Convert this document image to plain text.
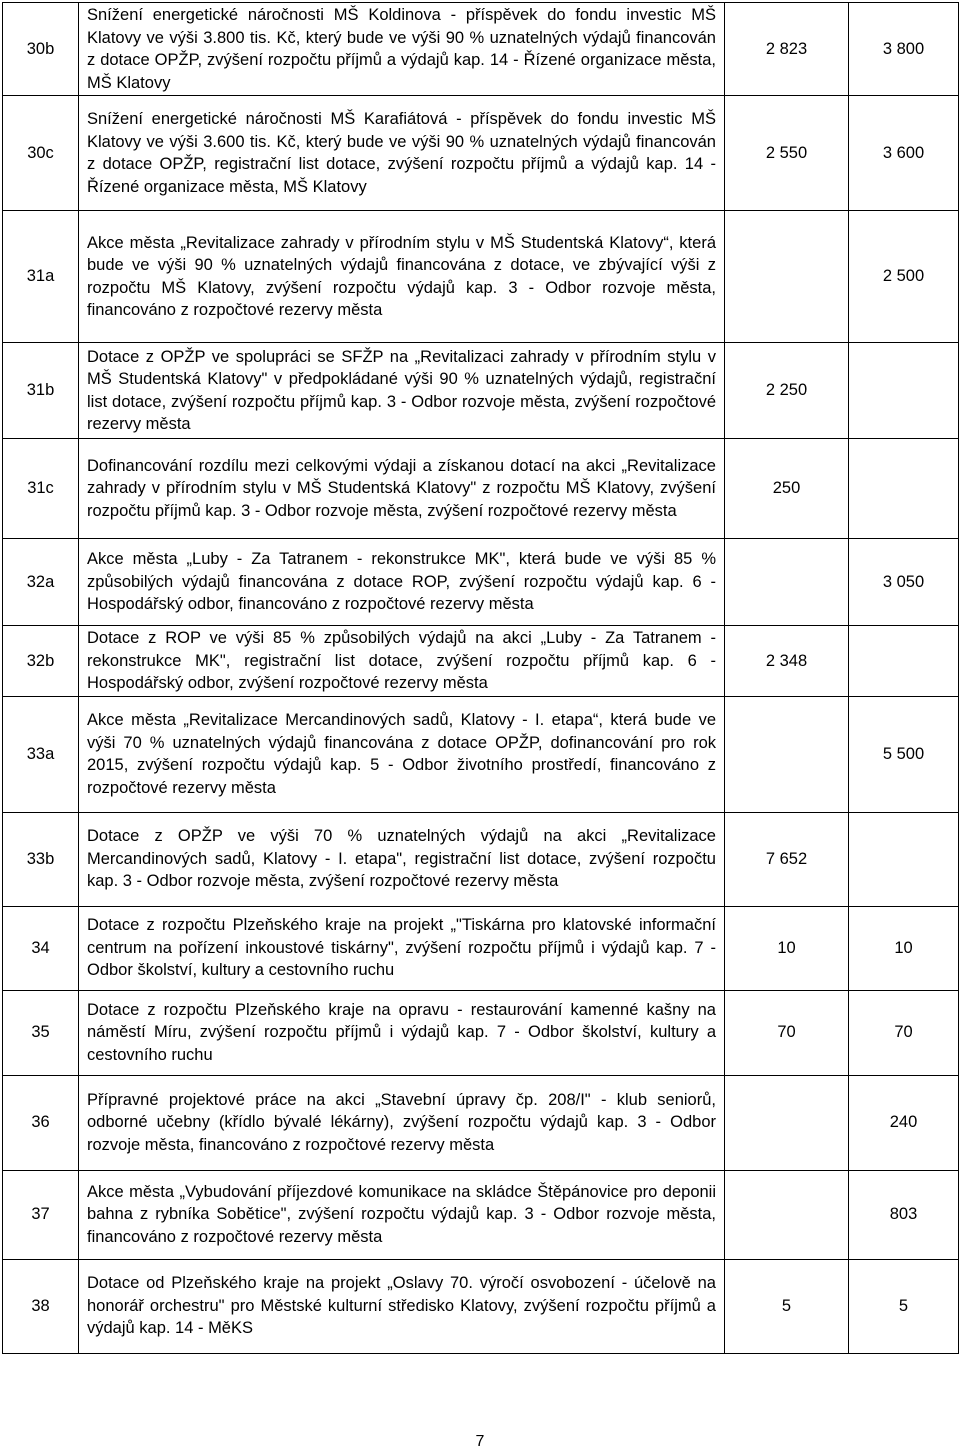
30b	Snížení energetické náročnosti MŠ Koldinova - příspěvek do fondu investic MŠ Klatovy ve výši 3.800 tis. Kč, který bude ve výši 90 % uznatelných výdajů financován z dotace OPŽP, zvýšení rozpočtu příjmů a výdajů kap. 14 - Řízené organizace města, MŠ Klatovy	2 823	3 800
30c	Snížení energetické náročnosti MŠ Karafiátová - příspěvek do fondu investic MŠ Klatovy ve výši 3.600 tis. Kč, který bude ve výši 90 % uznatelných výdajů financován z dotace OPŽP, registrační list dotace, zvýšení rozpočtu příjmů a výdajů kap. 14 - Řízené organizace města, MŠ Klatovy	2 550	3 600
31a	Akce města „Revitalizace zahrady v přírodním stylu v MŠ Studentská Klatovy“, která bude ve výši 90 % uznatelných výdajů financována z dotace, ve zbývající výši z rozpočtu MŠ Klatovy, zvýšení rozpočtu výdajů kap. 3 - Odbor rozvoje města, financováno z rozpočtové rezervy města		2 500
31b	Dotace z OPŽP ve spolupráci se SFŽP na „Revitalizaci zahrady v přírodním stylu v MŠ Studentská Klatovy" v předpokládané výši 90 % uznatelných výdajů, registrační list dotace, zvýšení rozpočtu příjmů kap. 3 - Odbor rozvoje města, zvýšení rozpočtové rezervy města	2 250	
31c	Dofinancování rozdílu mezi celkovými výdaji a získanou dotací na akci „Revitalizace zahrady v přírodním stylu v MŠ Studentská Klatovy" z rozpočtu MŠ Klatovy, zvýšení rozpočtu příjmů kap. 3 - Odbor rozvoje města, zvýšení rozpočtové rezervy města	250	
32a	Akce města „Luby - Za Tatranem - rekonstrukce MK", která bude ve výši 85 % způsobilých výdajů financována z dotace ROP, zvýšení rozpočtu výdajů kap. 6 - Hospodářský odbor, financováno z rozpočtové rezervy města		3 050
32b	Dotace z ROP ve výši 85 % způsobilých výdajů na akci „Luby - Za Tatranem - rekonstrukce MK", registrační list dotace, zvýšení rozpočtu příjmů kap. 6 - Hospodářský odbor, zvýšení rozpočtové rezervy města	2 348	
33a	Akce města „Revitalizace Mercandinových sadů, Klatovy - I. etapa“, která bude ve výši 70 % uznatelných výdajů financována z dotace OPŽP, dofinancování pro rok 2015, zvýšení rozpočtu výdajů kap. 5 - Odbor životního prostředí, financováno z rozpočtové rezervy města		5 500
33b	Dotace z OPŽP ve výši 70 % uznatelných výdajů na akci „Revitalizace Mercandinových sadů, Klatovy - I. etapa", registrační list dotace, zvýšení rozpočtu kap. 3 - Odbor rozvoje města, zvýšení rozpočtové rezervy města	7 652	
34	Dotace z rozpočtu Plzeňského kraje na projekt „"Tiskárna pro klatovské informační centrum na pořízení inkoustové tiskárny", zvýšení rozpočtu příjmů i výdajů kap. 7 - Odbor školství, kultury a cestovního ruchu	10	10
35	Dotace z rozpočtu Plzeňského kraje na opravu - restaurování kamenné kašny na náměstí Míru, zvýšení rozpočtu příjmů i výdajů kap. 7 - Odbor školství, kultury a cestovního ruchu	70	70
36	Přípravné projektové práce na akci „Stavební úpravy čp. 208/I" - klub seniorů, odborné učebny (křídlo bývalé lékárny), zvýšení rozpočtu výdajů kap. 3 - Odbor rozvoje města, financováno z rozpočtové rezervy města		240
37	Akce města „Vybudování příjezdové komunikace na skládce Štěpánovice pro deponii bahna z rybníka Sobětice", zvýšení rozpočtu výdajů kap. 3 - Odbor rozvoje města, financováno z rozpočtové rezervy města		803
38	Dotace od Plzeňského kraje na projekt „Oslavy 70. výročí osvobození - účelově na honorář orchestru" pro Městské kulturní středisko Klatovy, zvýšení rozpočtu příjmů a výdajů kap. 14 - MěKS	5	5
7
